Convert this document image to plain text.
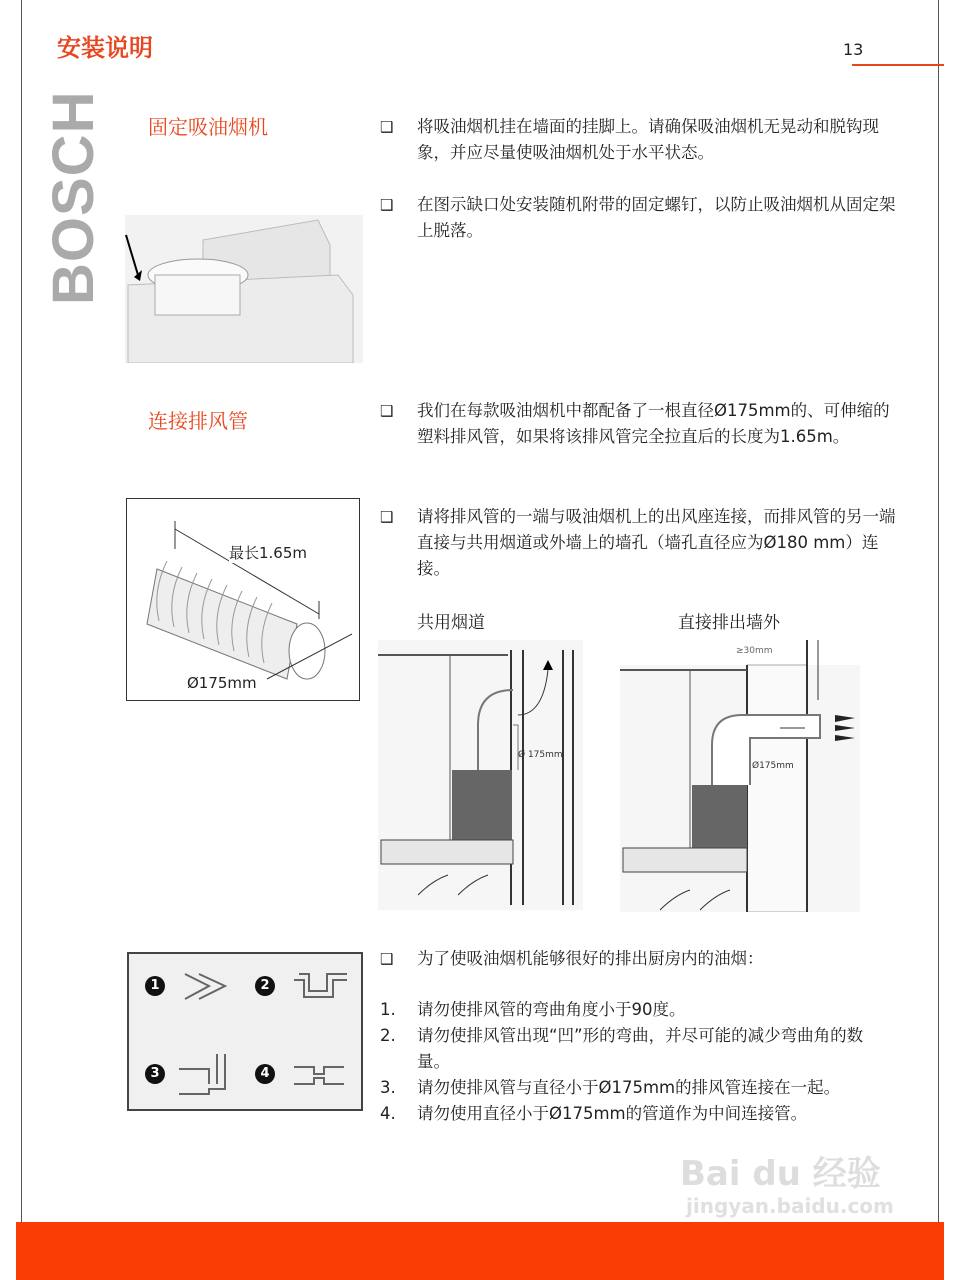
安装说明	13
BOSCH 固定吸油烟机	❑ 将吸油烟机挂在墙面的挂脚上。请确保吸油烟机无晃动和脱钩现象，并应尽量使吸油烟机处于水平状态。
❑ 在图示缺口处安装随机附带的固定螺钉，以防止吸油烟机从固定架上脱落。
连接排风管	❑ 我们在每款吸油烟机中都配备了一根直径Ø175mm的、可伸缩的塑料排风管，如果将该排风管完全拉直后的长度为1.65m。
❑ 请将排风管的一端与吸油烟机上的出风座连接，而排风管的另一端直接与共用烟道或外墙上的墙孔（墙孔直径应为Ø180 mm）连接。
最长1.65m
Ø175mm
共用烟道	直接排出墙外
Ø 175mm
≥30mm
Ø175mm
1	2
3	4
❑ 为了使吸油烟机能够很好的排出厨房内的油烟：
1. 请勿使排风管的弯曲角度小于90度。
2. 请勿使排风管出现“凹”形的弯曲，并尽可能的减少弯曲角的数量。
3. 请勿使排风管与直径小于Ø175mm的排风管连接在一起。
4. 请勿使用直径小于Ø175mm的管道作为中间连接管。
Bai du 经验
jingyan.baidu.com
